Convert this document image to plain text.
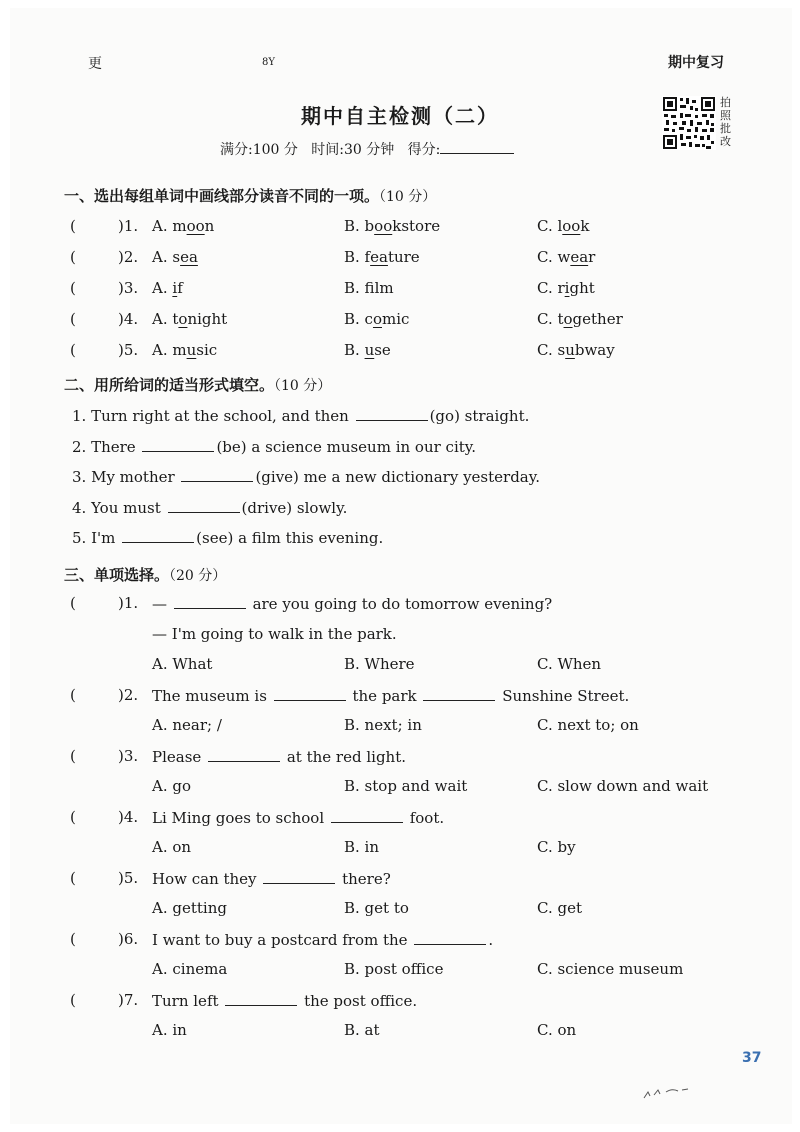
更	8Y	期中复习
期中自主检测（二）
满分:100 分 时间:30 分钟 得分:
拍
照
批
改
一、选出每组单词中画线部分读音不同的一项。（10 分）
(	)1. A. moon	B. bookstore	C. look
(	)2. A. sea	B. feature	C. wear
(	)3. A. if	B. flm	C. right
(	)4. A. tonight	B. comic	C. together
(	)5. A. music	B. use	C. subway
二、用所给词的适当形式填空。（10 分）
1. Turn right at the school, and then	(go) straight.
2. There	(be) a science museum in our city.
3. My mother	(give) me a new dictionary yesterday.
4. You must	(drive) slowly.
5. I'm	(see) a film this evening.
三、单项选择。（20 分）
(	)1. —	are you going to do tomorrow evening?
— I'm going to walk in the park.
A. What	B. Where	C. When
(	)2. The museum is	the park	Sunshine Street.
A. near; /	B. next; in	C. next to; on
(	)3. Please	at the red light.
A. go	B. stop and wait	C. slow down and wait
(	)4. Li Ming goes to school	foot.
A. on	B. in	C. by
(	)5. How can they	there?
A. getting	B. get to	C. get
(	)6. I want to buy a postcard from the	.
A. cinema	B. post office	C. science museum
(	)7. Turn left	the post office.
A. in	B. at	C. on
37
